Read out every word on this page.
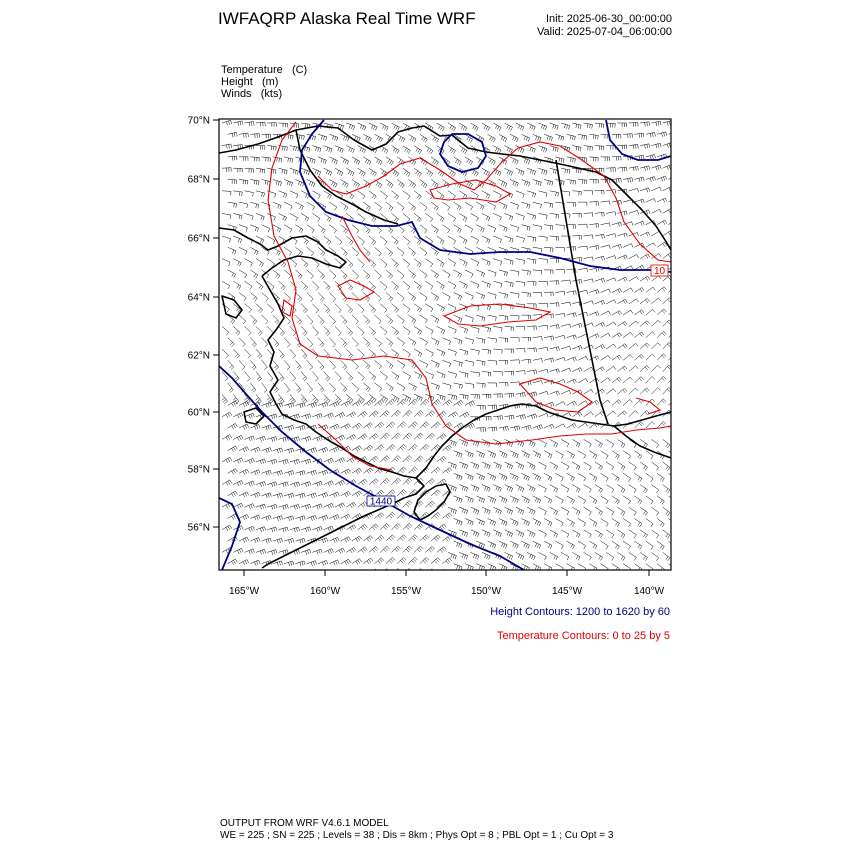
IWFAQRP Alaska Real Time WRF	Init: 2025-06-30_00:00:00
Valid: 2025-07-04_06:00:00
Temperature (C)
Height (m)
Winds (kts)
1440
10
70°N
68°N
66°N
64°N
62°N
60°N
58°N
56°N
165°W	160°W	155°W	150°W	145°W	140°W
Height Contours: 1200 to 1620 by 60
Temperature Contours: 0 to 25 by 5
OUTPUT FROM WRF V4.6.1 MODEL
WE = 225 ; SN = 225 ; Levels = 38 ; Dis = 8km ; Phys Opt = 8 ; PBL Opt = 1 ; Cu Opt = 3
